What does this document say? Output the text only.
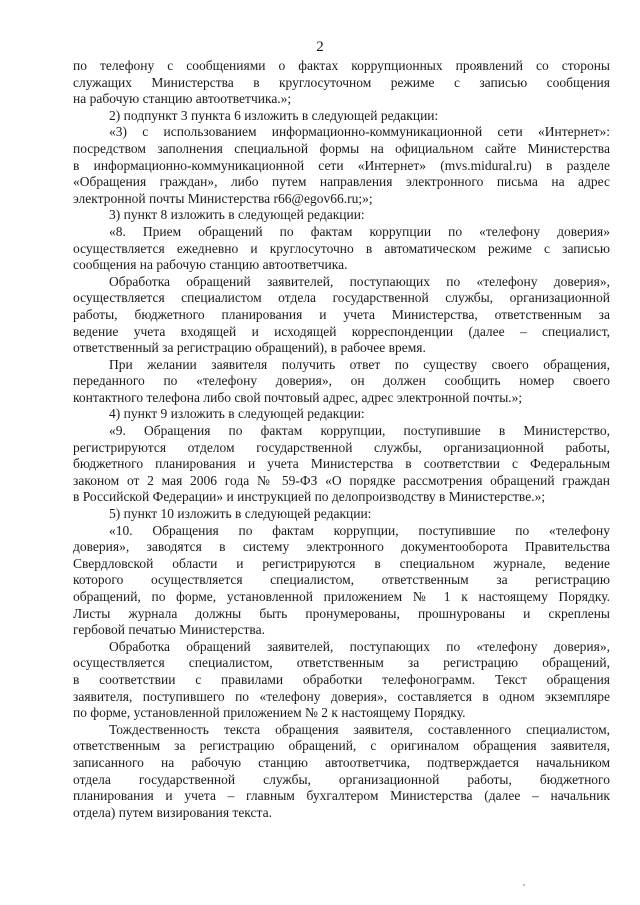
2
по телефону с сообщениями о фактах коррупционных проявлений со стороны
служащих Министерства в круглосуточном режиме с записью сообщения
на рабочую станцию автоответчика.»;
2) подпункт 3 пункта 6 изложить в следующей редакции:
«3) с использованием информационно-коммуникационной сети «Интернет»:
посредством заполнения специальной формы на официальном сайте Министерства
в информационно-коммуникационной сети «Интернет» (mvs.midural.ru) в разделе
«Обращения граждан», либо путем направления электронного письма на адрес
электронной почты Министерства r66@egov66.ru;»;
3) пункт 8 изложить в следующей редакции:
«8. Прием обращений по фактам коррупции по «телефону доверия»
осуществляется ежедневно и круглосуточно в автоматическом режиме с записью
сообщения на рабочую станцию автоответчика.
Обработка обращений заявителей, поступающих по «телефону доверия»,
осуществляется специалистом отдела государственной службы, организационной
работы, бюджетного планирования и учета Министерства, ответственным за
ведение учета входящей и исходящей корреспонденции (далее – специалист,
ответственный за регистрацию обращений), в рабочее время.
При желании заявителя получить ответ по существу своего обращения,
переданного по «телефону доверия», он должен сообщить номер своего
контактного телефона либо свой почтовый адрес, адрес электронной почты.»;
4) пункт 9 изложить в следующей редакции:
«9. Обращения по фактам коррупции, поступившие в Министерство,
регистрируются отделом государственной службы, организационной работы,
бюджетного планирования и учета Министерства в соответствии с Федеральным
законом от 2 мая 2006 года № 59-ФЗ «О порядке рассмотрения обращений граждан
в Российской Федерации» и инструкцией по делопроизводству в Министерстве.»;
5) пункт 10 изложить в следующей редакции:
«10. Обращения по фактам коррупции, поступившие по «телефону
доверия», заводятся в систему электронного документооборота Правительства
Свердловской области и регистрируются в специальном журнале, ведение
которого осуществляется специалистом, ответственным за регистрацию
обращений, по форме, установленной приложением № 1 к настоящему Порядку.
Листы журнала должны быть пронумерованы, прошнурованы и скреплены
гербовой печатью Министерства.
Обработка обращений заявителей, поступающих по «телефону доверия»,
осуществляется специалистом, ответственным за регистрацию обращений,
в соответствии с правилами обработки телефонограмм. Текст обращения
заявителя, поступившего по «телефону доверия», составляется в одном экземпляре
по форме, установленной приложением № 2 к настоящему Порядку.
Тождественность текста обращения заявителя, составленного специалистом,
ответственным за регистрацию обращений, с оригиналом обращения заявителя,
записанного на рабочую станцию автоответчика, подтверждается начальником
отдела государственной службы, организационной работы, бюджетного
планирования и учета – главным бухгалтером Министерства (далее – начальник
отдела) путем визирования текста.
